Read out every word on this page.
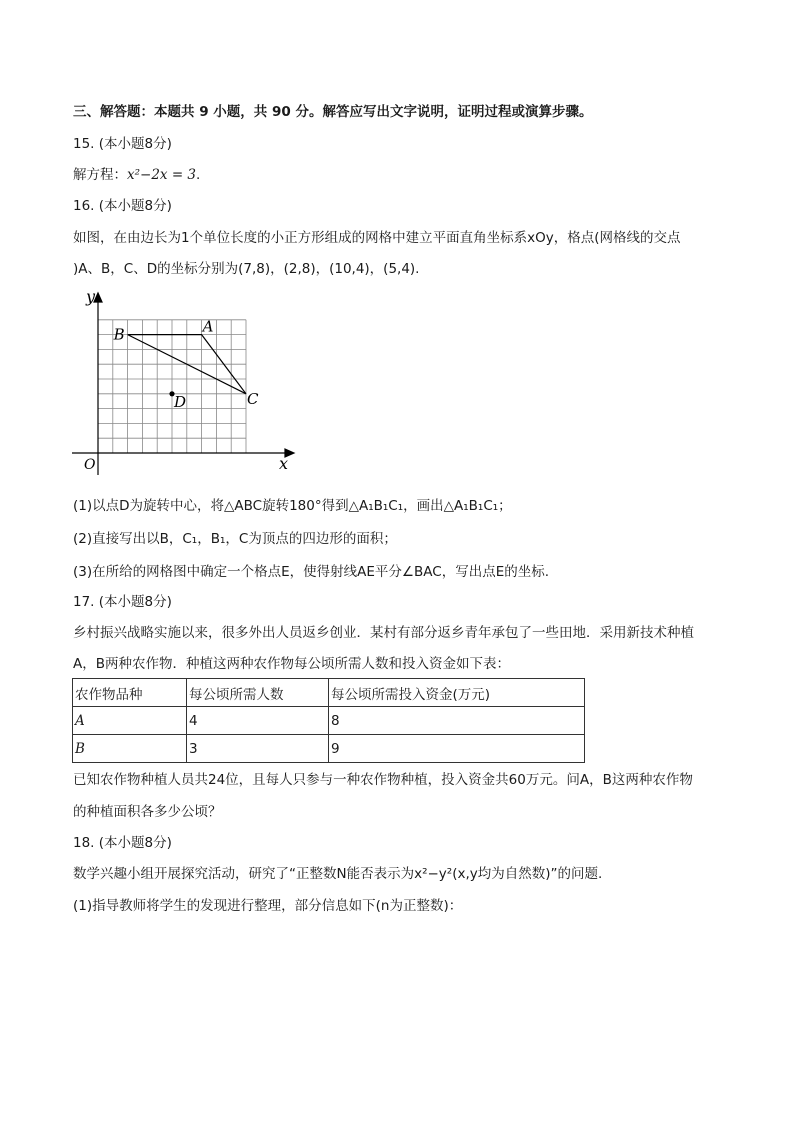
三、解答题：本题共 9 小题，共 90 分。解答应写出文字说明，证明过程或演算步骤。
15. (本小题8分)
解方程：x²−2x = 3.
16. (本小题8分)
如图，在由边长为1个单位长度的小正方形组成的网格中建立平面直角坐标系xOy，格点(网格线的交点
)A、B，C、D的坐标分别为(7,8)，(2,8)，(10,4)，(5,4).
y
x
O
A
B
C
D
(1)以点D为旋转中心，将△ABC旋转180°得到△A₁B₁C₁，画出△A₁B₁C₁；
(2)直接写出以B，C₁，B₁，C为顶点的四边形的面积；
(3)在所给的网格图中确定一个格点E，使得射线AE平分∠BAC，写出点E的坐标.
17. (本小题8分)
乡村振兴战略实施以来，很多外出人员返乡创业．某村有部分返乡青年承包了一些田地．采用新技术种植
A，B两种农作物．种植这两种农作物每公顷所需人数和投入资金如下表：
农作物品种	每公顷所需人数	每公顷所需投入资金(万元)
A	4	8
B	3	9
已知农作物种植人员共24位，且每人只参与一种农作物种植，投入资金共60万元。问A，B这两种农作物
的种植面积各多少公顷？
18. (本小题8分)
数学兴趣小组开展探究活动，研究了“正整数N能否表示为x²−y²(x,y均为自然数)”的问题.
(1)指导教师将学生的发现进行整理，部分信息如下(n为正整数)：
